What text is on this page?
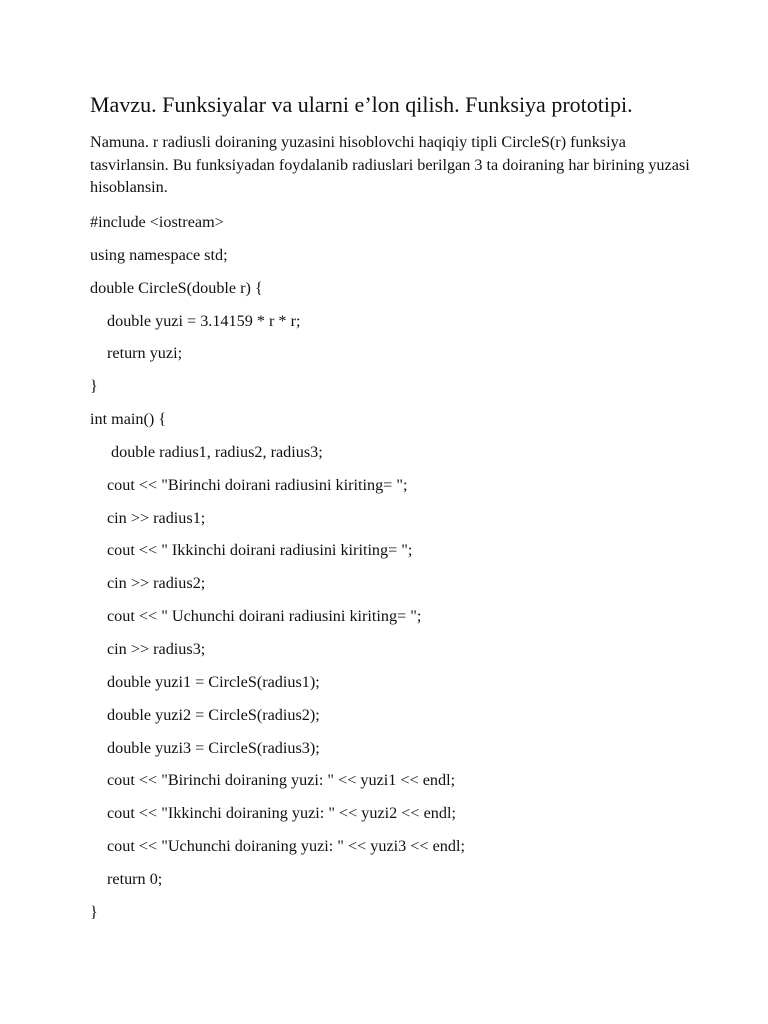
Mavzu. Funksiyalar va ularni e’lon qilish. Funksiya prototipi.

Namuna. r radiusli doiraning yuzasini hisoblovchi haqiqiy tipli CircleS(r) funksiya tasvirlansin. Bu funksiyadan foydalanib radiuslari berilgan 3 ta doiraning har birining yuzasi hisoblansin.

#include <iostream>
using namespace std;
double CircleS(double r) {
double yuzi = 3.14159 * r * r;
return yuzi;
}
int main() {
double radius1, radius2, radius3;
cout << "Birinchi doirani radiusini kiriting= ";
cin >> radius1;
cout << " Ikkinchi doirani radiusini kiriting= ";
cin >> radius2;
cout << " Uchunchi doirani radiusini kiriting= ";
cin >> radius3;
double yuzi1 = CircleS(radius1);
double yuzi2 = CircleS(radius2);
double yuzi3 = CircleS(radius3);
cout << "Birinchi doiraning yuzi: " << yuzi1 << endl;
cout << "Ikkinchi doiraning yuzi: " << yuzi2 << endl;
cout << "Uchunchi doiraning yuzi: " << yuzi3 << endl;
return 0;
}
